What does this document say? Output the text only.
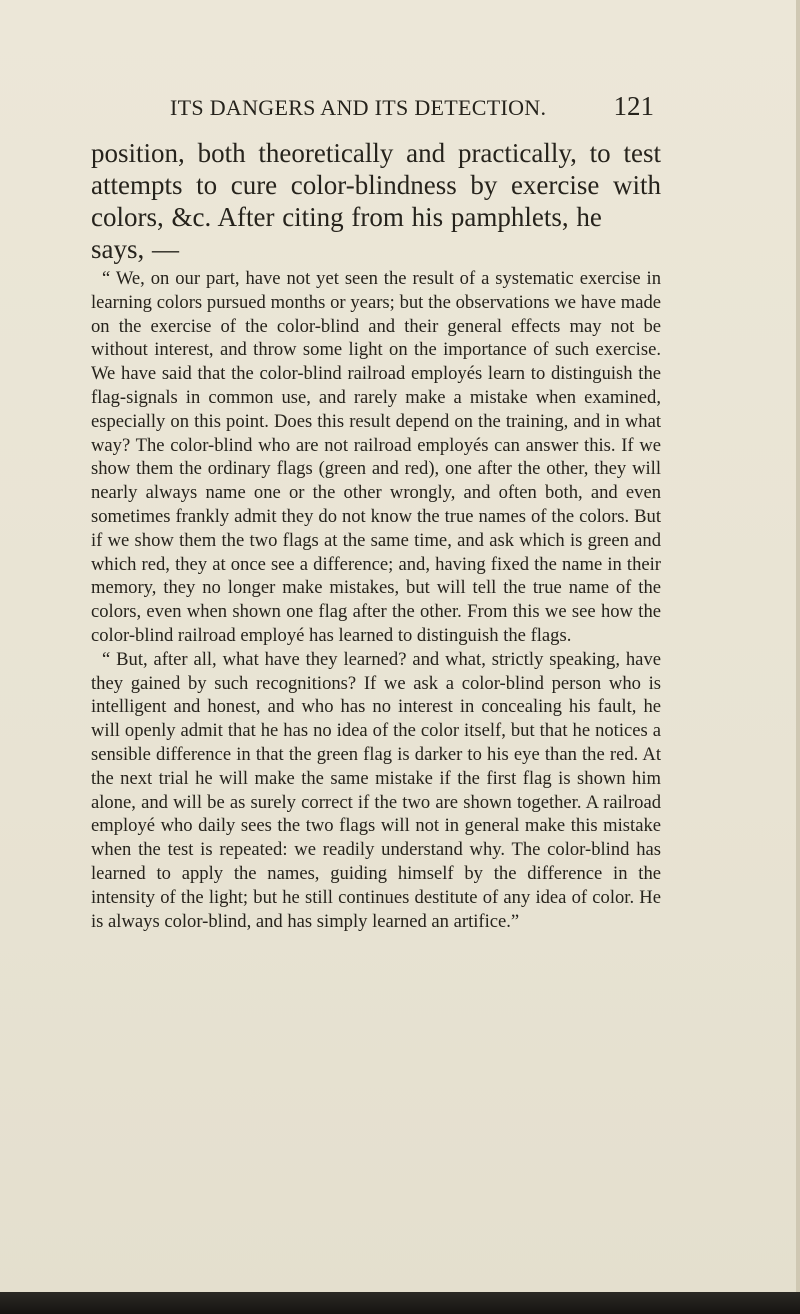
ITS DANGERS AND ITS DETECTION. 121

position, both theoretically and practically, to test attempts to cure color-blindness by exercise with colors, &c. After citing from his pamphlets, he

says, —

“ We, on our part, have not yet seen the result of a systematic exercise in learning colors pursued months or years; but the observations we have made on the exercise of the color-blind and their general effects may not be without interest, and throw some light on the importance of such exercise. We have said that the color-blind railroad employés learn to distinguish the flag-signals in common use, and rarely make a mistake when examined, especially on this point. Does this result depend on the training, and in what way? The color-blind who are not railroad employés can answer this. If we show them the ordinary flags (green and red), one after the other, they will nearly always name one or the other wrongly, and often both, and even sometimes frankly admit they do not know the true names of the colors. But if we show them the two flags at the same time, and ask which is green and which red, they at once see a difference; and, having fixed the name in their memory, they no longer make mistakes, but will tell the true name of the colors, even when shown one flag after the other. From this we see how the color-blind railroad employé has learned to distinguish the flags.

“ But, after all, what have they learned? and what, strictly speaking, have they gained by such recognitions? If we ask a color-blind person who is intelligent and honest, and who has no interest in concealing his fault, he will openly admit that he has no idea of the color itself, but that he notices a sensible difference in that the green flag is darker to his eye than the red. At the next trial he will make the same mistake if the first flag is shown him alone, and will be as surely correct if the two are shown together. A railroad employé who daily sees the two flags will not in general make this mistake when the test is repeated: we readily understand why. The color-blind has learned to apply the names, guiding himself by the difference in the intensity of the light; but he still continues destitute of any idea of color. He is always color-blind, and has simply learned an artifice.”
